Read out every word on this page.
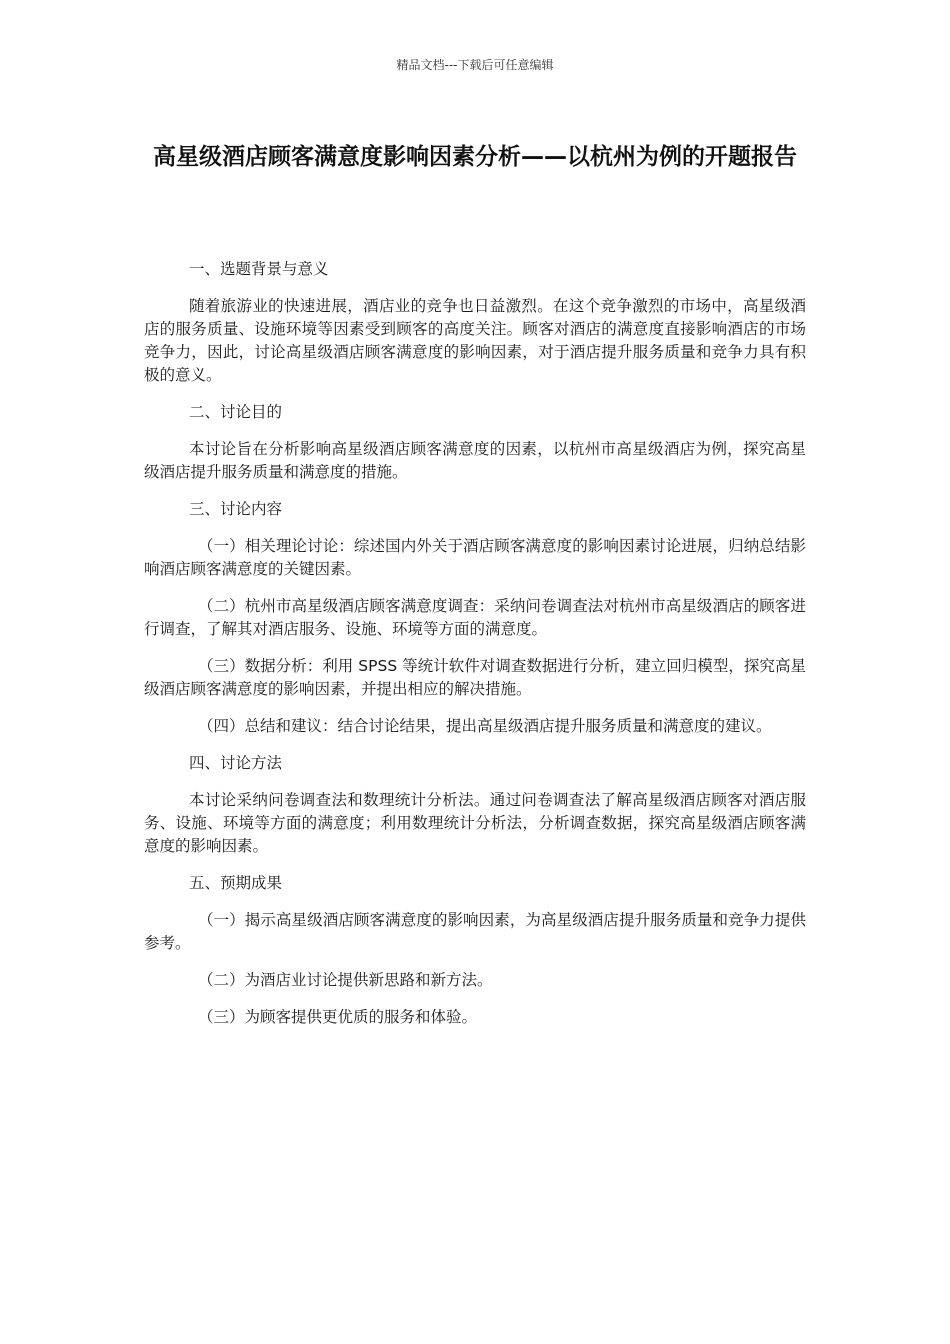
精品文档---下载后可任意编辑
高星级酒店顾客满意度影响因素分析——以杭州为例的开题报告
一、选题背景与意义
随着旅游业的快速进展，酒店业的竞争也日益激烈。在这个竞争激烈的市场中，高星级酒店的服务质量、设施环境等因素受到顾客的高度关注。顾客对酒店的满意度直接影响酒店的市场竞争力，因此，讨论高星级酒店顾客满意度的影响因素，对于酒店提升服务质量和竞争力具有积极的意义。
二、讨论目的
本讨论旨在分析影响高星级酒店顾客满意度的因素，以杭州市高星级酒店为例，探究高星级酒店提升服务质量和满意度的措施。
三、讨论内容
（一）相关理论讨论：综述国内外关于酒店顾客满意度的影响因素讨论进展，归纳总结影响酒店顾客满意度的关键因素。
（二）杭州市高星级酒店顾客满意度调查：采纳问卷调查法对杭州市高星级酒店的顾客进行调查，了解其对酒店服务、设施、环境等方面的满意度。
（三）数据分析：利用 SPSS 等统计软件对调查数据进行分析，建立回归模型，探究高星级酒店顾客满意度的影响因素，并提出相应的解决措施。
（四）总结和建议：结合讨论结果，提出高星级酒店提升服务质量和满意度的建议。
四、讨论方法
本讨论采纳问卷调查法和数理统计分析法。通过问卷调查法了解高星级酒店顾客对酒店服务、设施、环境等方面的满意度；利用数理统计分析法，分析调查数据，探究高星级酒店顾客满意度的影响因素。
五、预期成果
（一）揭示高星级酒店顾客满意度的影响因素，为高星级酒店提升服务质量和竞争力提供参考。
（二）为酒店业讨论提供新思路和新方法。
（三）为顾客提供更优质的服务和体验。
